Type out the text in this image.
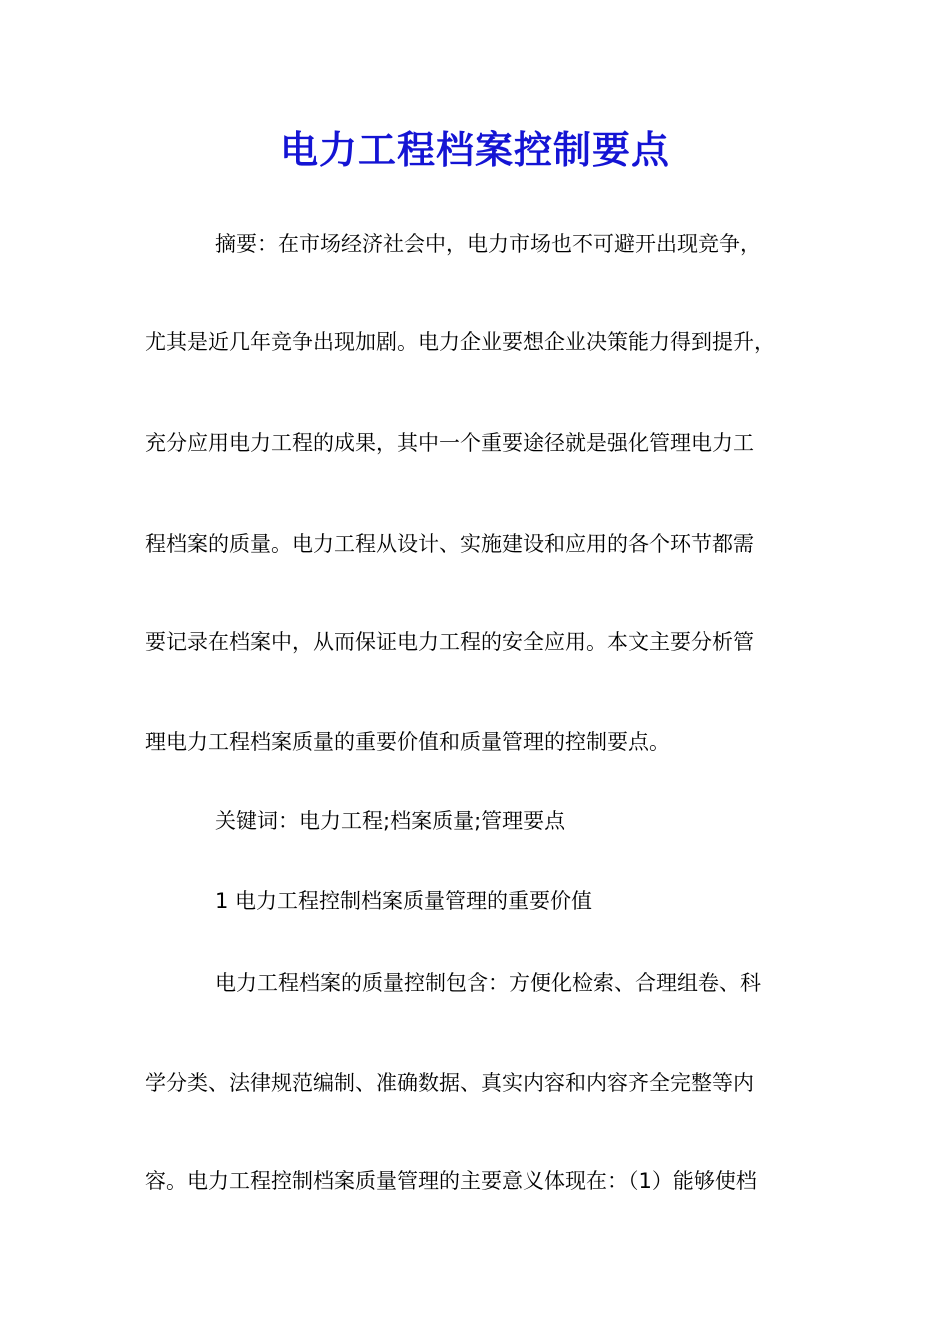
电力工程档案控制要点
摘要：在市场经济社会中，电力市场也不可避开出现竞争，
尤其是近几年竞争出现加剧。电力企业要想企业决策能力得到提升，
充分应用电力工程的成果，其中一个重要途径就是强化管理电力工
程档案的质量。电力工程从设计、实施建设和应用的各个环节都需
要记录在档案中，从而保证电力工程的安全应用。本文主要分析管
理电力工程档案质量的重要价值和质量管理的控制要点。
关键词：电力工程;档案质量;管理要点
1 电力工程控制档案质量管理的重要价值
电力工程档案的质量控制包含：方便化检索、合理组卷、科
学分类、法律规范编制、准确数据、真实内容和内容齐全完整等内
容。电力工程控制档案质量管理的主要意义体现在：（1）能够使档
